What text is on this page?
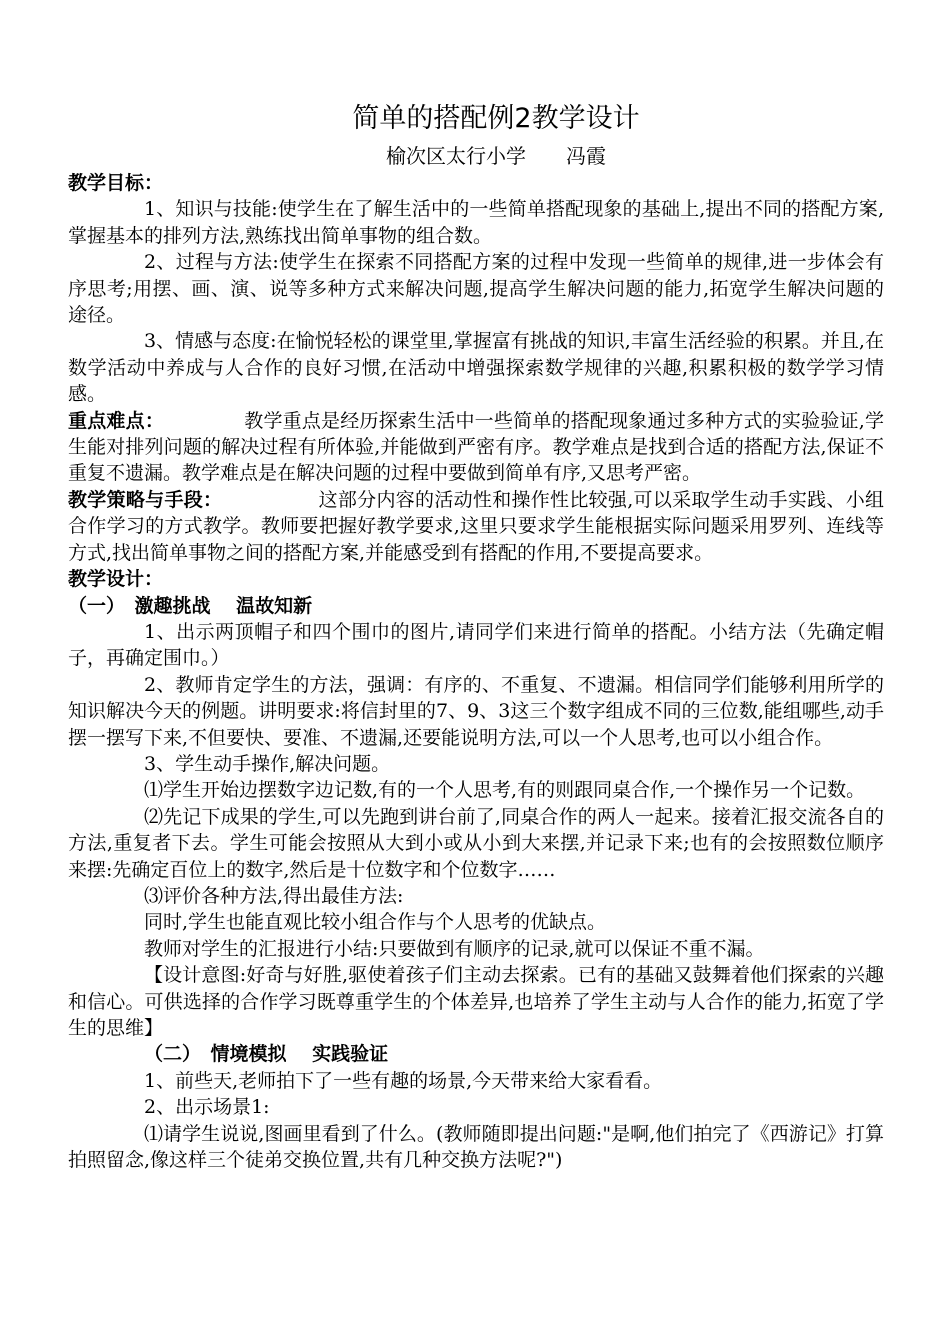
简单的搭配例2教学设计
榆次区太行小学　　冯霞
教学目标：

1、知识与技能:使学生在了解生活中的一些简单搭配现象的基础上,提出不同的搭配方案,掌握基本的排列方法,熟练找出简单事物的组合数。

2、过程与方法:使学生在探索不同搭配方案的过程中发现一些简单的规律,进一步体会有序思考;用摆、画、演、说等多种方式来解决问题,提高学生解决问题的能力,拓宽学生解决问题的途径。

3、情感与态度:在愉悦轻松的课堂里,掌握富有挑战的知识,丰富生活经验的积累。并且,在数学活动中养成与人合作的良好习惯,在活动中增强探索数学规律的兴趣,积累积极的数学学习情感。

重点难点：	教学重点是经历探索生活中一些简单的搭配现象通过多种方式的实验验证,学生能对排列问题的解决过程有所体验,并能做到严密有序。教学难点是找到合适的搭配方法,保证不重复不遗漏。教学难点是在解决问题的过程中要做到简单有序,又思考严密。

教学策略与手段：	这部分内容的活动性和操作性比较强,可以采取学生动手实践、小组合作学习的方式教学。教师要把握好教学要求,这里只要求学生能根据实际问题采用罗列、连线等方式,找出简单事物之间的搭配方案,并能感受到有搭配的作用,不要提高要求。

教学设计：
（一）　激趣挑战　 温故知新

1、出示两顶帽子和四个围巾的图片,请同学们来进行简单的搭配。小结方法（先确定帽子，再确定围巾。）

2、教师肯定学生的方法，强调：有序的、不重复、不遗漏。相信同学们能够利用所学的知识解决今天的例题。讲明要求:将信封里的7、9、3这三个数字组成不同的三位数,能组哪些,动手摆一摆写下来,不但要快、要准、不遗漏,还要能说明方法,可以一个人思考,也可以小组合作。

3、学生动手操作,解决问题。

⑴学生开始边摆数字边记数,有的一个人思考,有的则跟同桌合作,一个操作另一个记数。

⑵先记下成果的学生,可以先跑到讲台前了,同桌合作的两人一起来。接着汇报交流各自的方法,重复者下去。学生可能会按照从大到小或从小到大来摆,并记录下来;也有的会按照数位顺序来摆:先确定百位上的数字,然后是十位数字和个位数字……

⑶评价各种方法,得出最佳方法:

同时,学生也能直观比较小组合作与个人思考的优缺点。

教师对学生的汇报进行小结:只要做到有顺序的记录,就可以保证不重不漏。

【设计意图:好奇与好胜,驱使着孩子们主动去探索。已有的基础又鼓舞着他们探索的兴趣和信心。可供选择的合作学习既尊重学生的个体差异,也培养了学生主动与人合作的能力,拓宽了学生的思维】

（二）　情境模拟　 实践验证

1、前些天,老师拍下了一些有趣的场景,今天带来给大家看看。

2、出示场景1:

⑴请学生说说,图画里看到了什么。(教师随即提出问题:"是啊,他们拍完了《西游记》打算拍照留念,像这样三个徒弟交换位置,共有几种交换方法呢?")
